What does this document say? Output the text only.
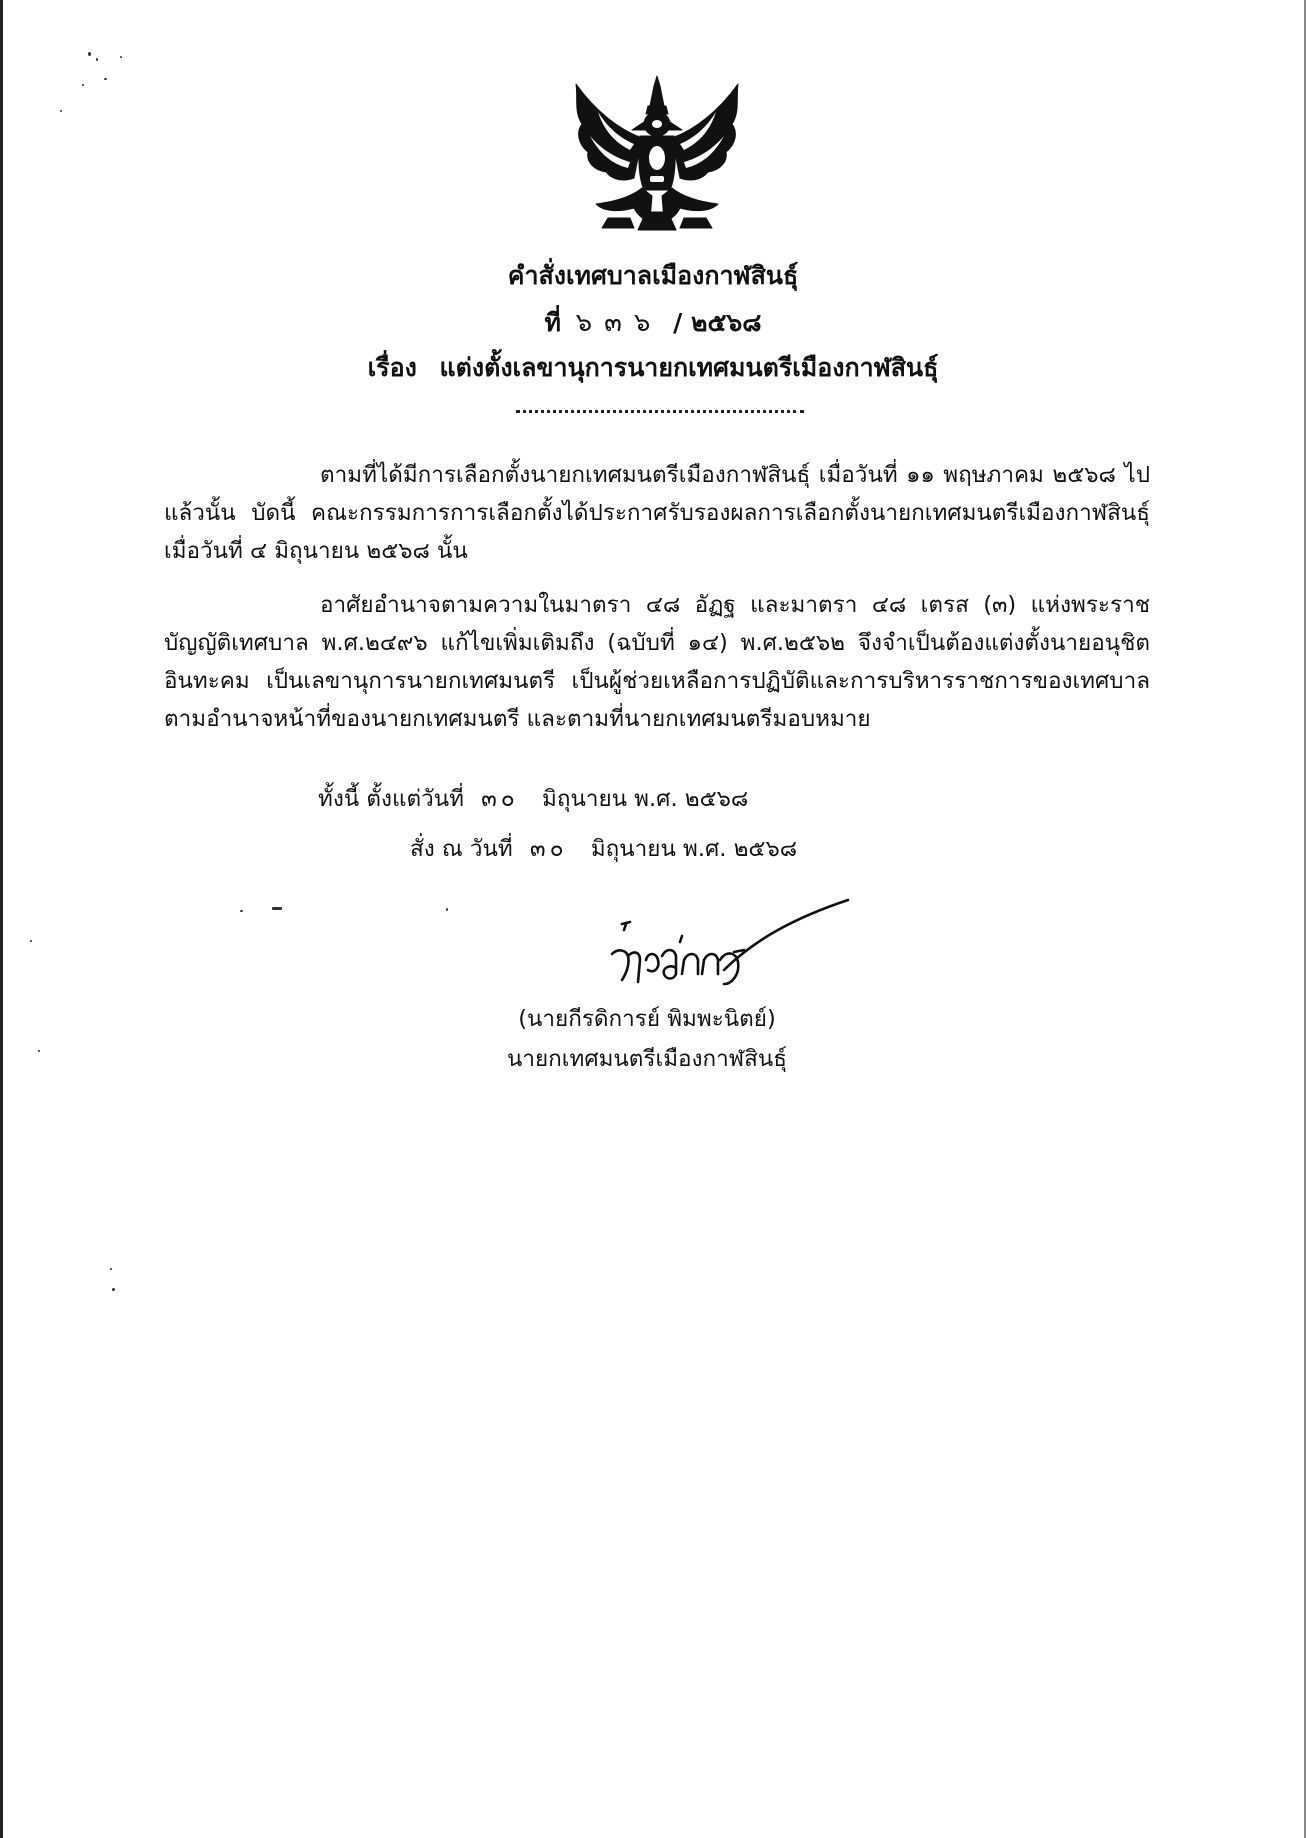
คำสั่งเทศบาลเมืองกาฬสินธุ์
ที่ ๖๓๖ / ๒๕๖๘
เรื่อง แต่งตั้งเลขานุการนายกเทศมนตรีเมืองกาฬสินธุ์

ตามที่ได้มีการเลือกตั้งนายกเทศมนตรีเมืองกาฬสินธุ์ เมื่อวันที่ ๑๑ พฤษภาคม ๒๕๖๘ ไปแล้วนั้น บัดนี้ คณะกรรมการการเลือกตั้งได้ประกาศรับรองผลการเลือกตั้งนายกเทศมนตรีเมืองกาฬสินธุ์ เมื่อวันที่ ๔ มิถุนายน ๒๕๖๘ นั้น

อาศัยอำนาจตามความในมาตรา ๔๘ อัฏฐ และมาตรา ๔๘ เตรส (๓) แห่งพระราชบัญญัติเทศบาล พ.ศ.๒๔๙๖ แก้ไขเพิ่มเติมถึง (ฉบับที่ ๑๔) พ.ศ.๒๕๖๒ จึงจำเป็นต้องแต่งตั้งนายอนุชิต อินทะคม เป็นเลขานุการนายกเทศมนตรี เป็นผู้ช่วยเหลือการปฏิบัติและการบริหารราชการของเทศบาลตามอำนาจหน้าที่ของนายกเทศมนตรี และตามที่นายกเทศมนตรีมอบหมาย

ทั้งนี้ ตั้งแต่วันที่ ๓๐ มิถุนายน พ.ศ. ๒๕๖๘
สั่ง ณ วันที่ ๓๐ มิถุนายน พ.ศ. ๒๕๖๘
(นายกีรดิการย์ พิมพะนิตย์)
นายกเทศมนตรีเมืองกาฬสินธุ์
